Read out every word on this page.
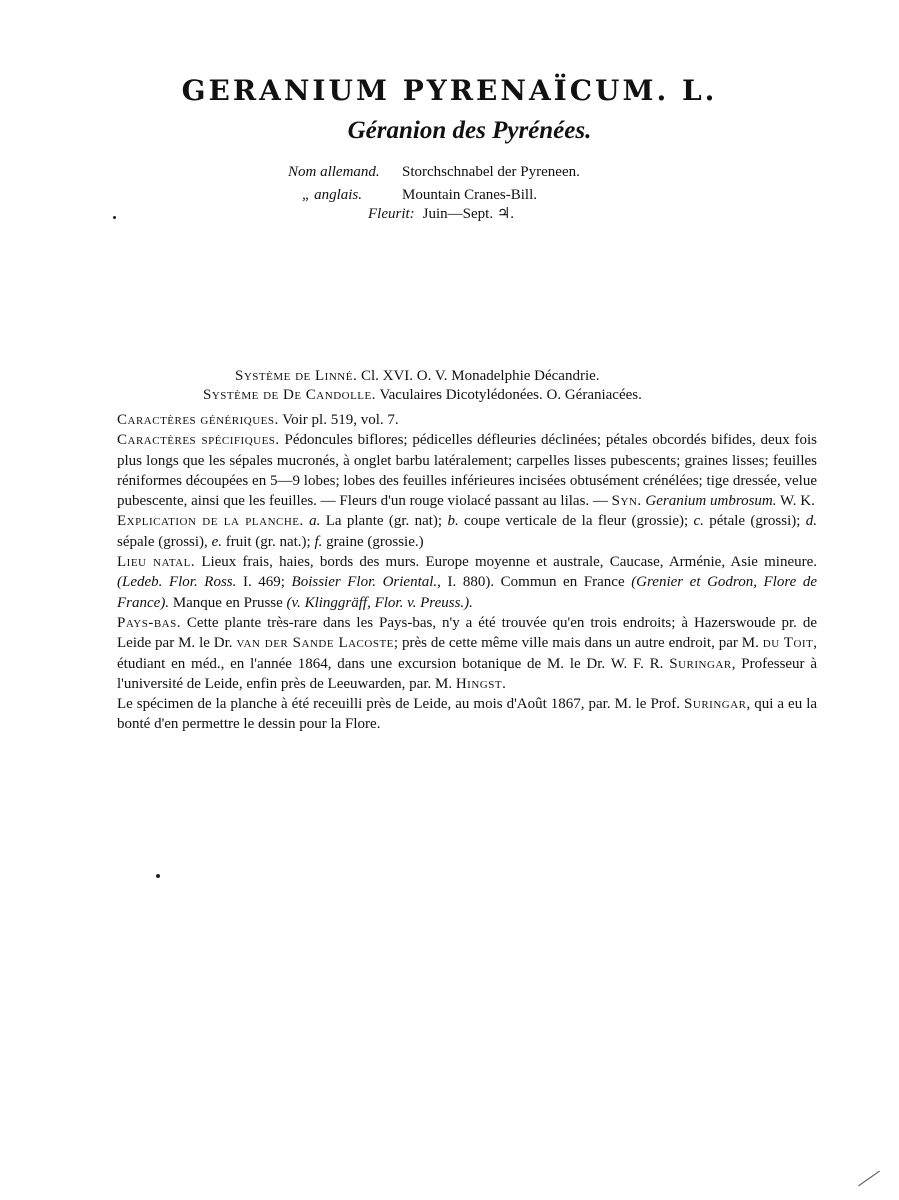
GERANIUM PYRENAÏCUM. L.
Géranion des Pyrénées.
Nom allemand. Storchschnabel der Pyreneen.
„ anglais.	Mountain Cranes-Bill.
Fleurit: Juin—Sept. ♃.
Système de Linné. Cl. XVI. O. V. Monadelphie Décandrie.
Système de De Candolle. Vaculaires Dicotylédonées. O. Géraniacées.

Caractères génériques. Voir pl. 519, vol. 7.

Caractères spécifiques. Pédoncules biflores; pédicelles défleuries déclinées; pétales obcordés bifides, deux fois plus longs que les sépales mucronés, à onglet barbu latéralement; carpelles lisses pubescents; graines lisses; feuilles réniformes découpées en 5—9 lobes; lobes des feuilles inférieures incisées obtusément crénélées; tige dressée, velue pubescente, ainsi que les feuilles. — Fleurs d'un rouge violacé passant au lilas. — Syn. Geranium umbrosum. W. K.

Explication de la planche. a. La plante (gr. nat); b. coupe verticale de la fleur (grossie); c. pétale (grossi); d. sépale (grossi), e. fruit (gr. nat.); f. graine (grossie.)

Lieu natal. Lieux frais, haies, bords des murs. Europe moyenne et australe, Caucase, Arménie, Asie mineure. (Ledeb. Flor. Ross. I. 469; Boissier Flor. Oriental., I. 880). Commun en France (Grenier et Godron, Flore de France). Manque en Prusse (v. Klinggräff, Flor. v. Preuss.).

Pays-bas. Cette plante très-rare dans les Pays-bas, n'y a été trouvée qu'en trois endroits; à Hazerswoude pr. de Leide par M. le Dr. van der Sande Lacoste; près de cette même ville mais dans un autre endroit, par M. du Toit, étudiant en méd., en l'année 1864, dans une excursion botanique de M. le Dr. W. F. R. Suringar, Professeur à l'université de Leide, enfin près de Leeuwarden, par. M. Hingst.

Le spécimen de la planche à été receuilli près de Leide, au mois d'Août 1867, par. M. le Prof. Suringar, qui a eu la bonté d'en permettre le dessin pour la Flore.
